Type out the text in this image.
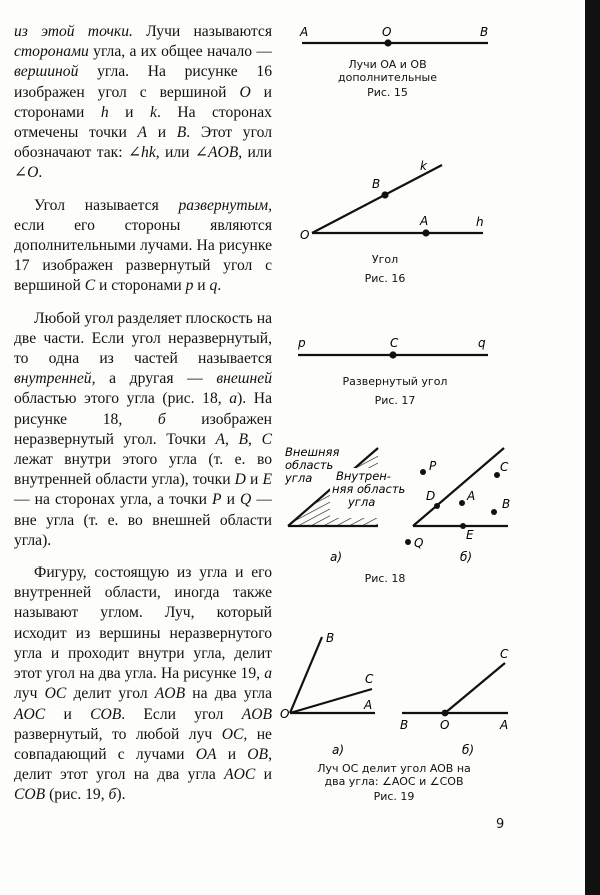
из этой точки. Лучи называются сторонами угла, а их общее начало — вершиной угла. На рисунке 16 изображен угол с вершиной O и сторонами h и k. На сторонах отмечены точки A и B. Этот угол обозначают так: ∠hk, или ∠AOB, или ∠O.

Угол называется развернутым, если его стороны являются дополнительными лучами. На рисунке 17 изображен развернутый угол с вершиной C и сторонами p и q.

Любой угол разделяет плоскость на две части. Если угол неразвернутый, то одна из частей называется внутренней, а другая — внешней областью этого угла (рис. 18, а). На рисунке 18, б изображен неразвернутый угол. Точки A, B, C лежат внутри этого угла (т. е. во внутренней области угла), точки D и E — на сторонах угла, а точки P и Q — вне угла (т. е. во внешней области угла).

Фигуру, состоящую из угла и его внутренней области, иногда также называют углом. Луч, который исходит из вершины неразвернутого угла и проходит внутри угла, делит этот угол на два угла. На рисунке 19, а луч OC делит угол AOB на два угла AOC и COB. Если угол AOB развернутый, то любой луч OC, не совпадающий с лучами OA и OB, делит этот угол на два угла AOC и COB (рис. 19, б).

A	O	B
Лучи OA и OB
дополнительные
Рис. 15
O
A	h
B
k
Угол
Рис. 16
p	C	q
Развернутый угол
Рис. 17
Внешняя область угла	Внутрен- няя область угла
P	C
D	A
B
E
Q
а)	б)
Рис. 18
B
C
O
A
B	O	A
C
а)	б)
Луч OC делит угол AOB на
два угла: ∠AOC и ∠COB
Рис. 19
9
